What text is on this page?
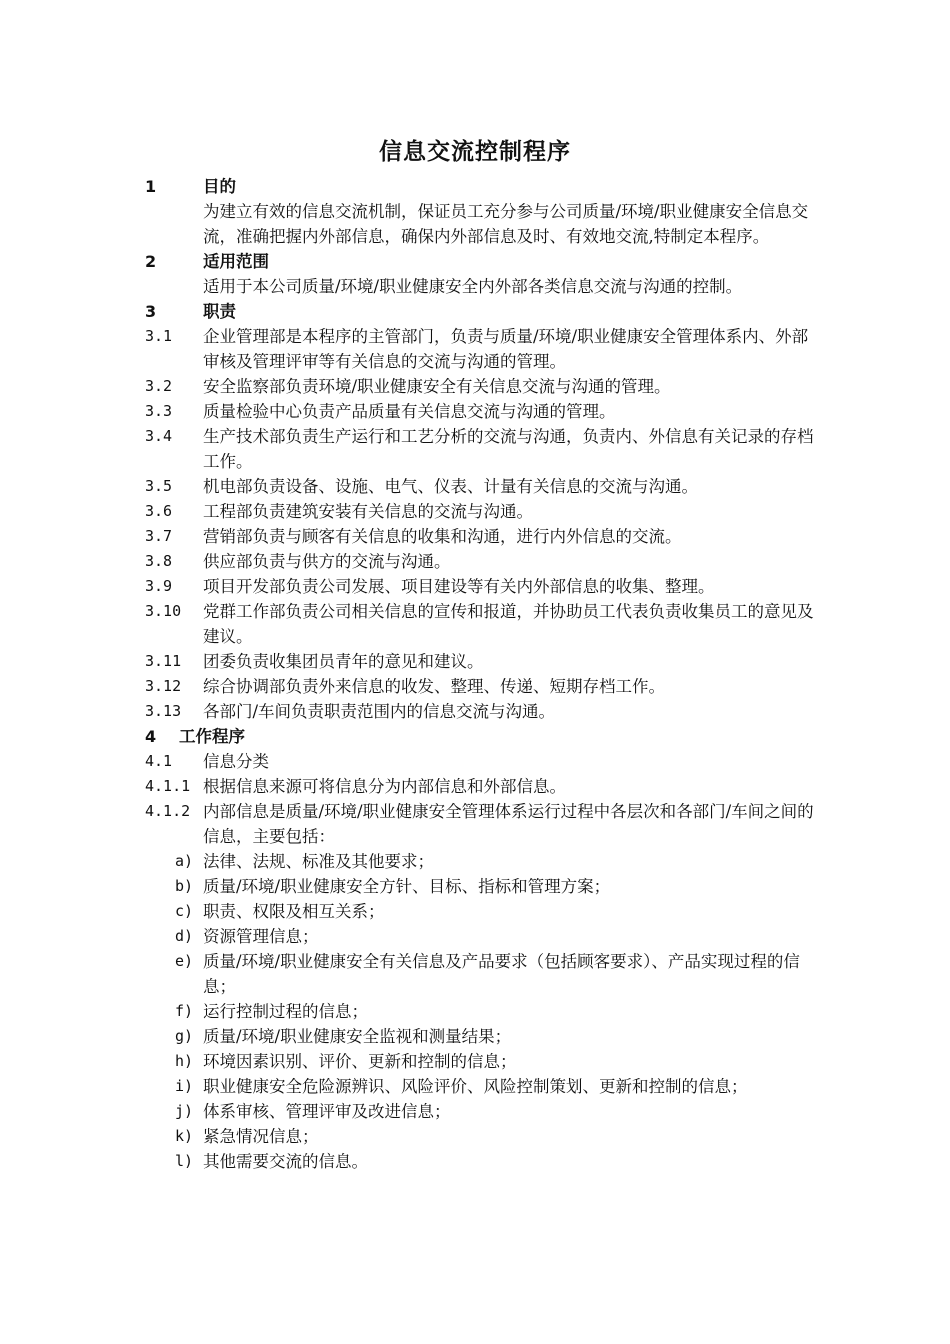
信息交流控制程序
1	目的
为建立有效的信息交流机制，保证员工充分参与公司质量/环境/职业健康安全信息交流，准确把握内外部信息，确保内外部信息及时、有效地交流,特制定本程序。
2	适用范围
适用于本公司质量/环境/职业健康安全内外部各类信息交流与沟通的控制。
3	职责
3.1	企业管理部是本程序的主管部门，负责与质量/环境/职业健康安全管理体系内、外部审核及管理评审等有关信息的交流与沟通的管理。
3.2	安全监察部负责环境/职业健康安全有关信息交流与沟通的管理。
3.3	质量检验中心负责产品质量有关信息交流与沟通的管理。
3.4	生产技术部负责生产运行和工艺分析的交流与沟通，负责内、外信息有关记录的存档工作。
3.5	机电部负责设备、设施、电气、仪表、计量有关信息的交流与沟通。
3.6	工程部负责建筑安装有关信息的交流与沟通。
3.7	营销部负责与顾客有关信息的收集和沟通，进行内外信息的交流。
3.8	供应部负责与供方的交流与沟通。
3.9	项目开发部负责公司发展、项目建设等有关内外部信息的收集、整理。
3.10	党群工作部负责公司相关信息的宣传和报道，并协助员工代表负责收集员工的意见及建议。
3.11	团委负责收集团员青年的意见和建议。
3.12	综合协调部负责外来信息的收发、整理、传递、短期存档工作。
3.13	各部门/车间负责职责范围内的信息交流与沟通。
4	工作程序
4.1	信息分类
4.1.1 根据信息来源可将信息分为内部信息和外部信息。
4.1.2 内部信息是质量/环境/职业健康安全管理体系运行过程中各层次和各部门/车间之间的信息，主要包括：
a) 法律、法规、标准及其他要求；
b) 质量/环境/职业健康安全方针、目标、指标和管理方案；
c) 职责、权限及相互关系；
d) 资源管理信息；
e) 质量/环境/职业健康安全有关信息及产品要求（包括顾客要求）、产品实现过程的信息；
f) 运行控制过程的信息；
g) 质量/环境/职业健康安全监视和测量结果；
h) 环境因素识别、评价、更新和控制的信息；
i) 职业健康安全危险源辨识、风险评价、风险控制策划、更新和控制的信息；
j) 体系审核、管理评审及改进信息；
k) 紧急情况信息；
l) 其他需要交流的信息。
